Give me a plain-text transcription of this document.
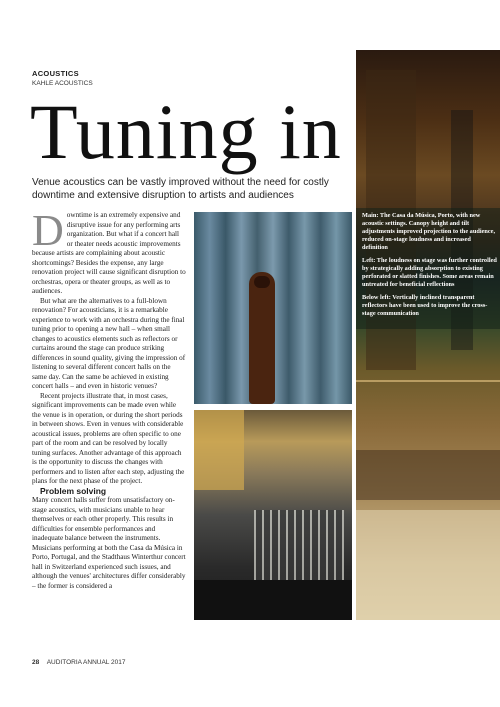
ACOUSTICS
KAHLE ACOUSTICS
Tuning in
Venue acoustics can be vastly improved without the need for costly downtime and extensive disruption to artists and audiences

Main: The Casa da Música, Porto, with new acoustic settings. Canopy height and tilt adjustments improved projection to the audience, reduced on-stage loudness and increased definition

Left: The loudness on stage was further controlled by strategically adding absorption to existing perforated or slatted finishes. Some areas remain untreated for beneficial reflections

Below left: Vertically inclined transparent reflectors have been used to improve the cross-stage communication

Downtime is an extremely expensive and disruptive issue for any performing arts organization. But what if a concert hall or theater needs acoustic improvements because artists are complaining about acoustic shortcomings? Besides the expense, any large renovation project will cause significant disruption to orchestras, opera or theater groups, as well as to audiences.

But what are the alternatives to a full-blown renovation? For acousticians, it is a remarkable experience to work with an orchestra during the final tuning prior to opening a new hall – when small changes to acoustics elements such as reflectors or curtains around the stage can produce striking differences in sound quality, giving the impression of listening to several different concert halls on the same day. Can the same be achieved in existing concert halls – and even in historic venues?

Recent projects illustrate that, in most cases, significant improvements can be made even while the venue is in operation, or during the short periods in between shows. Even in venues with considerable acoustical issues, problems are often specific to one part of the room and can be resolved by locally tuning surfaces. Another advantage of this approach is the opportunity to discuss the changes with performers and to listen after each step, adjusting the plans for the next phase of the project.

Problem solving

Many concert halls suffer from unsatisfactory on-stage acoustics, with musicians unable to hear themselves or each other properly. This results in difficulties for ensemble performances and inadequate balance between the instruments. Musicians performing at both the Casa da Música in Porto, Portugal, and the Stadthaus Winterthur concert hall in Switzerland experienced such issues, and although the venues' architectures differ considerably – the former is considered a

28 AUDITORIA ANNUAL 2017
